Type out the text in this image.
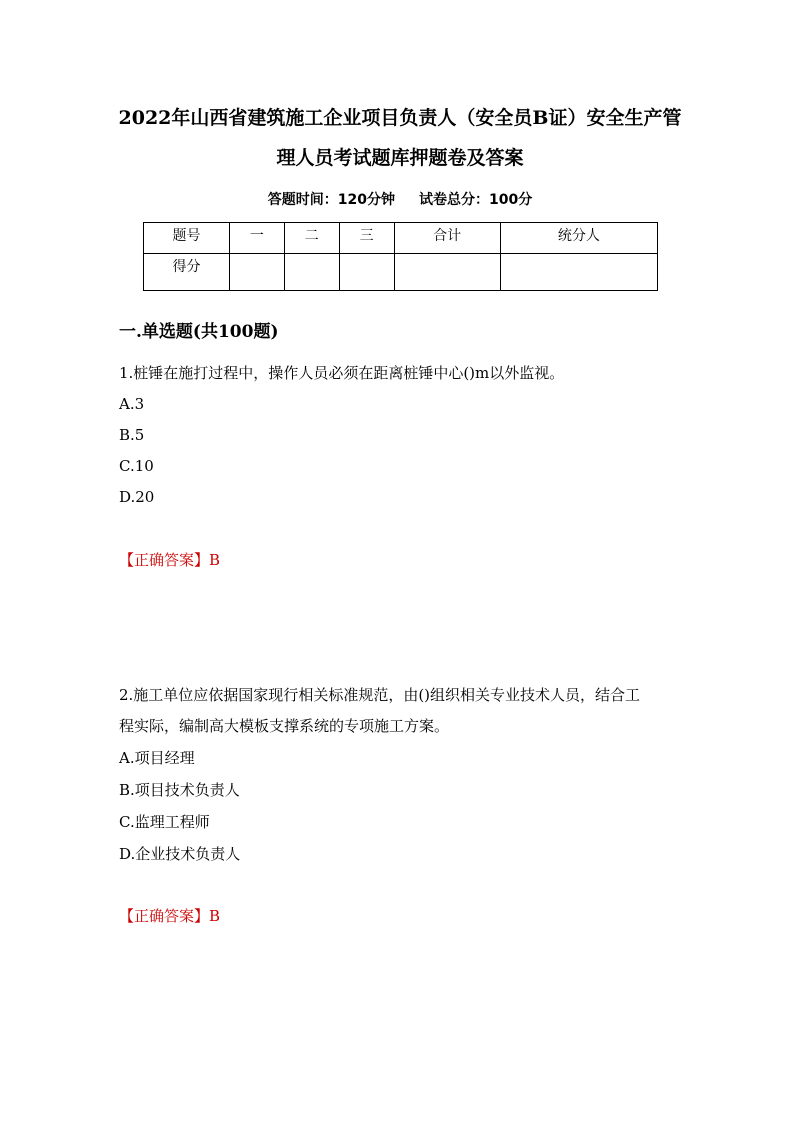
2022年山西省建筑施工企业项目负责人（安全员B证）安全生产管
理人员考试题库押题卷及答案
答题时间：120分钟 试卷总分：100分
题号	一	二	三	合计	统分人
得分					
一.单选题(共100题)
1.桩锤在施打过程中，操作人员必须在距离桩锤中心()m以外监视。
A.3
B.5
C.10
D.20
【正确答案】B
2.施工单位应依据国家现行相关标准规范，由()组织相关专业技术人员，结合工
程实际，编制高大模板支撑系统的专项施工方案。
A.项目经理
B.项目技术负责人
C.监理工程师
D.企业技术负责人
【正确答案】B
